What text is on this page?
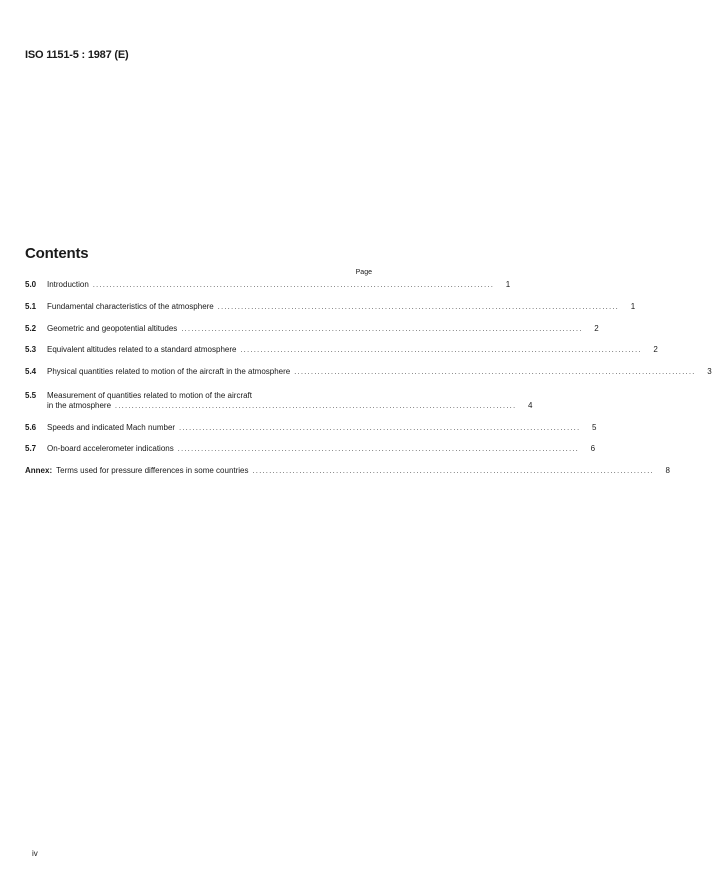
ISO 1151-5 : 1987 (E)
Contents
Page
5.0	Introduction ........................................................................................................................	1
5.1	Fundamental characteristics of the atmosphere ........................................................................................................................	1
5.2	Geometric and geopotential altitudes ........................................................................................................................	2
5.3	Equivalent altitudes related to a standard atmosphere ........................................................................................................................	2
5.4	Physical quantities related to motion of the aircraft in the atmosphere ........................................................................................................................	3
5.5	Measurement of quantities related to motion of the aircraft
in the atmosphere ........................................................................................................................	4
5.6	Speeds and indicated Mach number ........................................................................................................................	5
5.7	On-board accelerometer indications ........................................................................................................................	6
Annex: Terms used for pressure differences in some countries ........................................................................................................................	8
iv
